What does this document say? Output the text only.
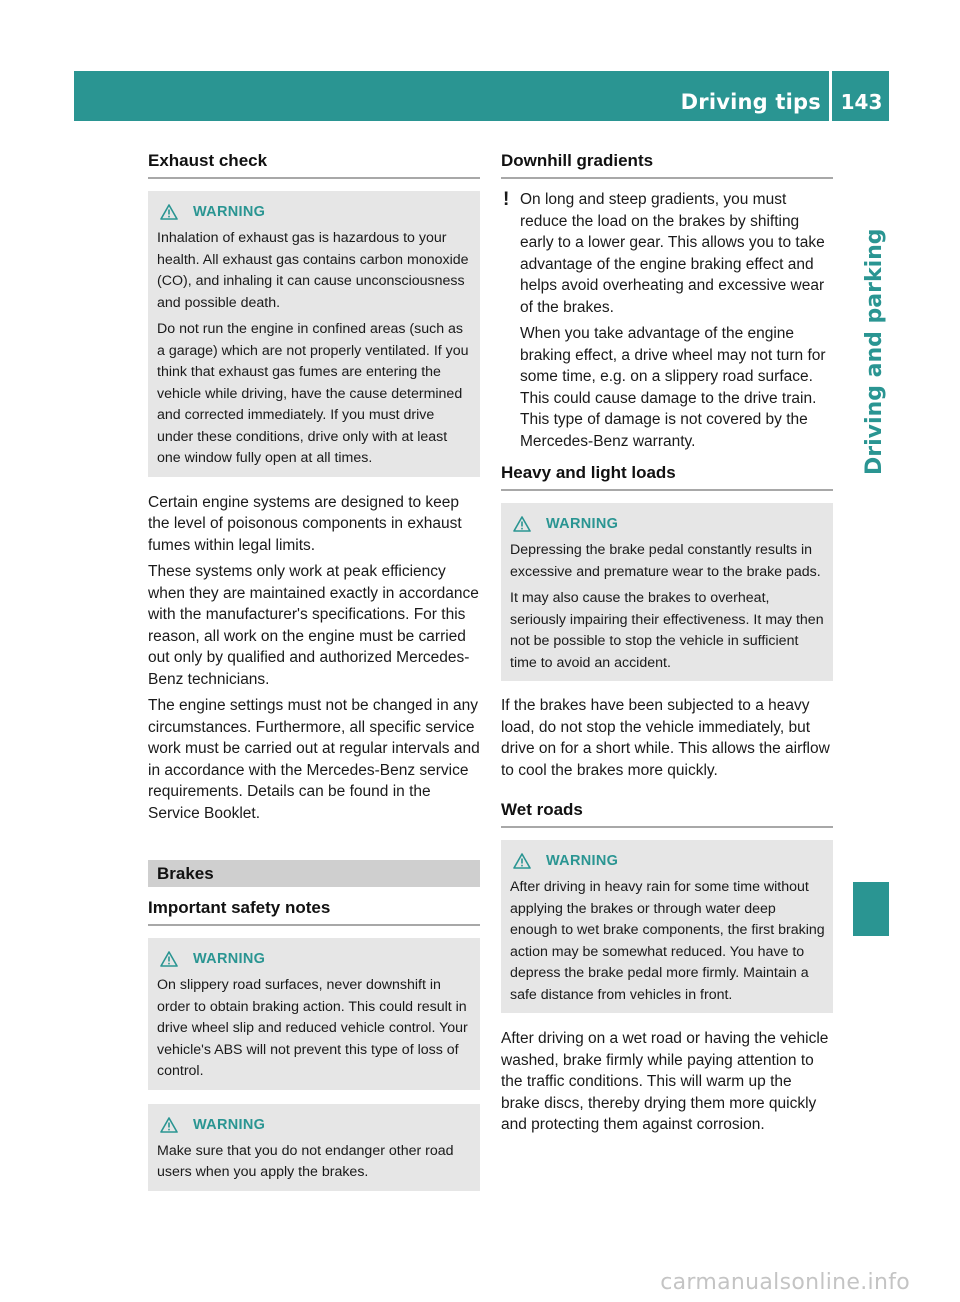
Driving tips 143
Driving and parking
Exhaust check
WARNING

Inhalation of exhaust gas is hazardous to your health. All exhaust gas contains carbon monoxide (CO), and inhaling it can cause unconsciousness and possible death.

Do not run the engine in confined areas (such as a garage) which are not properly ventilated. If you think that exhaust gas fumes are entering the vehicle while driving, have the cause determined and corrected immediately. If you must drive under these conditions, drive only with at least one window fully open at all times.

Certain engine systems are designed to keep the level of poisonous components in exhaust fumes within legal limits.

These systems only work at peak efficiency when they are maintained exactly in accordance with the manufacturer's specifications. For this reason, all work on the engine must be carried out only by qualified and authorized Mercedes-Benz technicians.

The engine settings must not be changed in any circumstances. Furthermore, all specific service work must be carried out at regular intervals and in accordance with the Mercedes-Benz service requirements. Details can be found in the Service Booklet.

Brakes
Important safety notes
WARNING

On slippery road surfaces, never downshift in order to obtain braking action. This could result in drive wheel slip and reduced vehicle control. Your vehicle's ABS will not prevent this type of loss of control.

WARNING

Make sure that you do not endanger other road users when you apply the brakes.

Downhill gradients
! On long and steep gradients, you must reduce the load on the brakes by shifting early to a lower gear. This allows you to take advantage of the engine braking effect and helps avoid overheating and excessive wear of the brakes.

When you take advantage of the engine braking effect, a drive wheel may not turn for some time, e.g. on a slippery road surface. This could cause damage to the drive train. This type of damage is not covered by the Mercedes-Benz warranty.

Heavy and light loads
WARNING

Depressing the brake pedal constantly results in excessive and premature wear to the brake pads.

It may also cause the brakes to overheat, seriously impairing their effectiveness. It may then not be possible to stop the vehicle in sufficient time to avoid an accident.

If the brakes have been subjected to a heavy load, do not stop the vehicle immediately, but drive on for a short while. This allows the airflow to cool the brakes more quickly.

Wet roads
WARNING

After driving in heavy rain for some time without applying the brakes or through water deep enough to wet brake components, the first braking action may be somewhat reduced. You have to depress the brake pedal more firmly. Maintain a safe distance from vehicles in front.

After driving on a wet road or having the vehicle washed, brake firmly while paying attention to the traffic conditions. This will warm up the brake discs, thereby drying them more quickly and protecting them against corrosion.

carmanualsonline.info
